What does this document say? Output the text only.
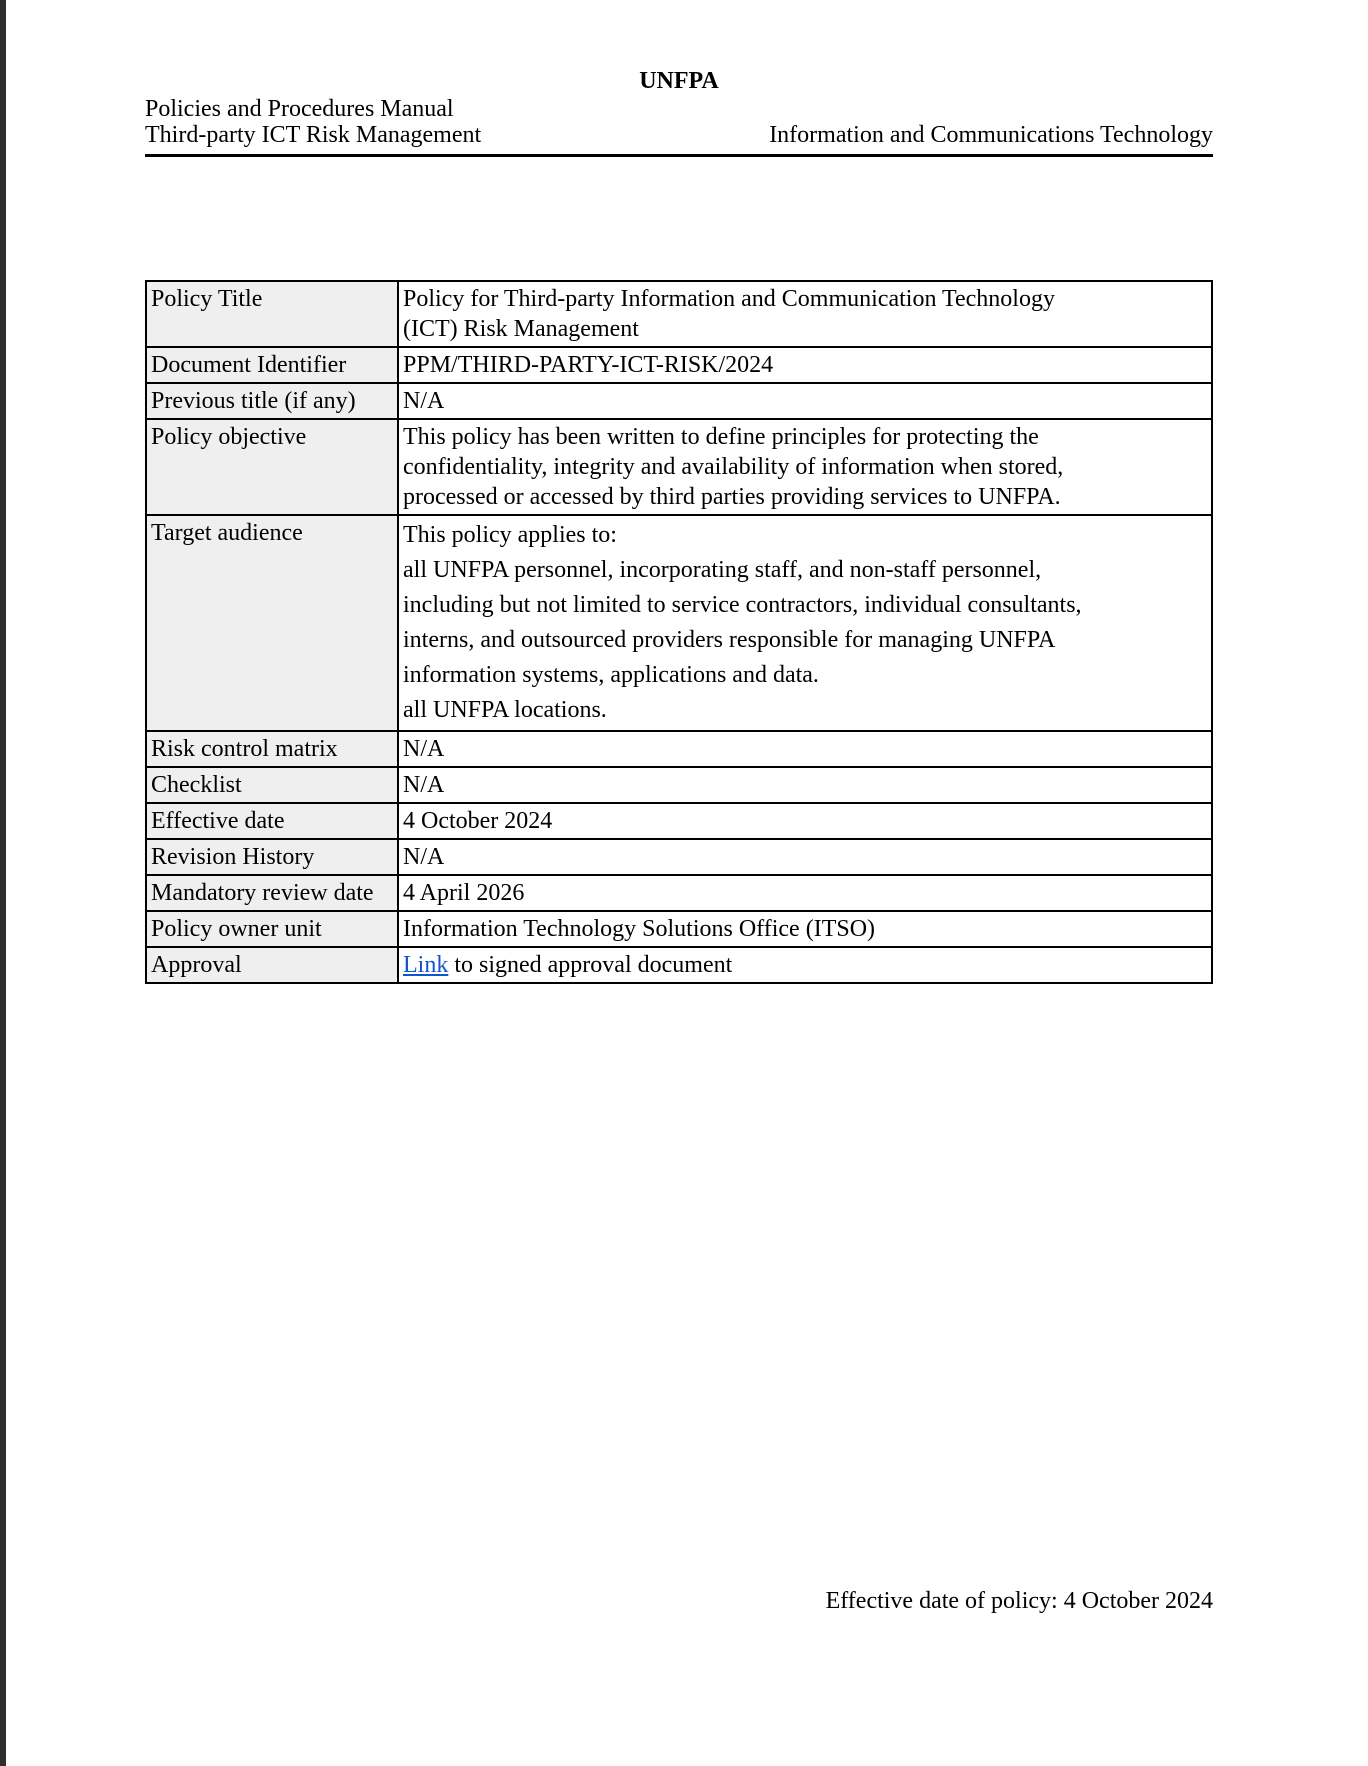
UNFPA
Policies and Procedures Manual
Third-party ICT Risk Management	Information and Communications Technology
Policy Title	Policy for Third-party Information and Communication Technology (ICT) Risk Management

Document Identifier	PPM/THIRD-PARTY-ICT-RISK/2024
Previous title (if any)	N/A
Policy objective	This policy has been written to define principles for protecting the confidentiality, integrity and availability of information when stored, processed or accessed by third parties providing services to UNFPA.

Target audience	This policy applies to:

all UNFPA personnel, incorporating staff, and non-staff personnel, including but not limited to service contractors, individual consultants, interns, and outsourced providers responsible for managing UNFPA information systems, applications and data.

all UNFPA locations.

Risk control matrix	N/A
Checklist	N/A
Effective date	4 October 2024
Revision History	N/A
Mandatory review date	4 April 2026
Policy owner unit	Information Technology Solutions Office (ITSO)
Approval	Link to signed approval document
Effective date of policy: 4 October 2024
